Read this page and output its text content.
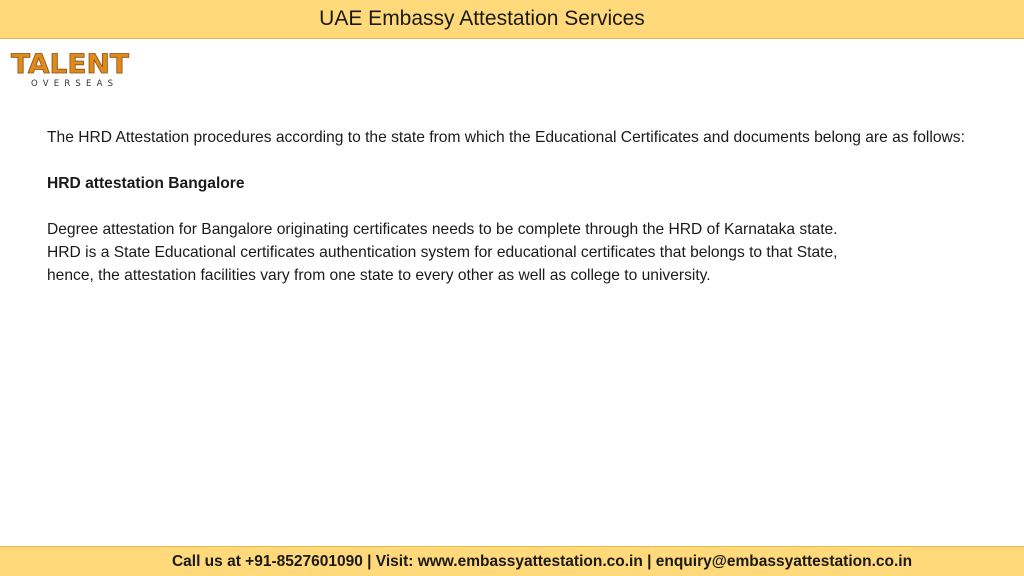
UAE Embassy Attestation Services
TALENT
OVERSEAS

The HRD Attestation procedures according to the state from which the Educational Certificates and documents belong are as follows:

HRD attestation Bangalore

Degree attestation for Bangalore originating certificates needs to be complete through the HRD of Karnataka state.

HRD is a State Educational certificates authentication system for educational certificates that belongs to that State,

hence, the attestation facilities vary from one state to every other as well as college to university.

Call us at +91-8527601090 | Visit: www.embassyattestation.co.in | enquiry@embassyattestation.co.in
